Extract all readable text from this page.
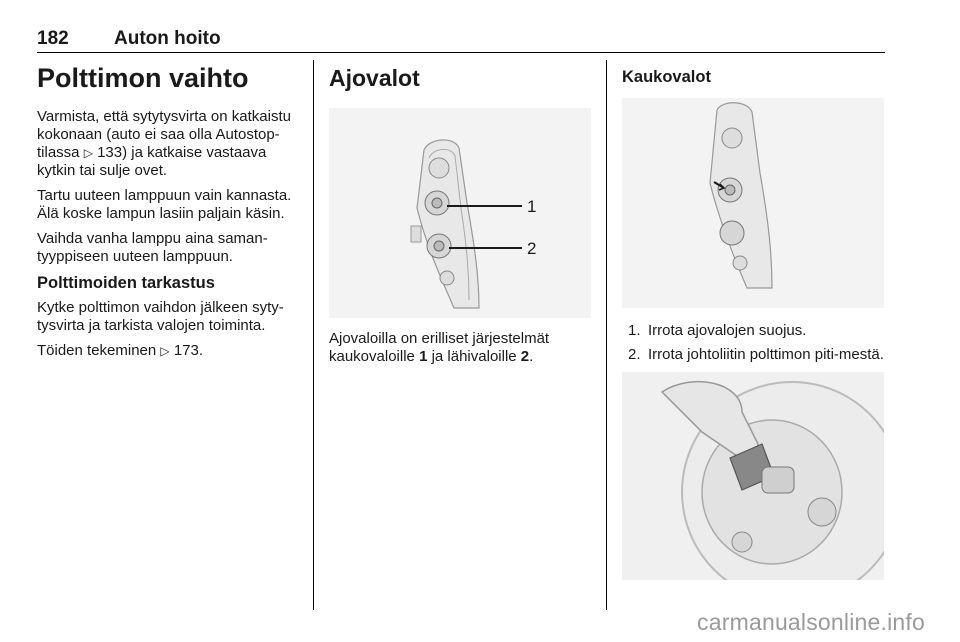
182 Auton hoito
Polttimon vaihto

Varmista, että sytytysvirta on katkaistu kokonaan (auto ei saa olla Autostop-tilassa ▷ 133) ja katkaise vastaava kytkin tai sulje ovet.

Tartu uuteen lamppuun vain kannasta. Älä koske lampun lasiin paljain käsin.

Vaihda vanha lamppu aina saman-tyyppiseen uuteen lamppuun.

Polttimoiden tarkastus

Kytke polttimon vaihdon jälkeen syty-tysvirta ja tarkista valojen toiminta.

Töiden tekeminen ▷ 173.

Ajovalot
1
2

Ajovaloilla on erilliset järjestelmät kaukovaloille 1 ja lähivaloille 2.

Kaukovalot
1. Irrota ajovalojen suojus.
2. Irrota johtoliitin polttimon piti-mestä.
carmanualsonline.info
